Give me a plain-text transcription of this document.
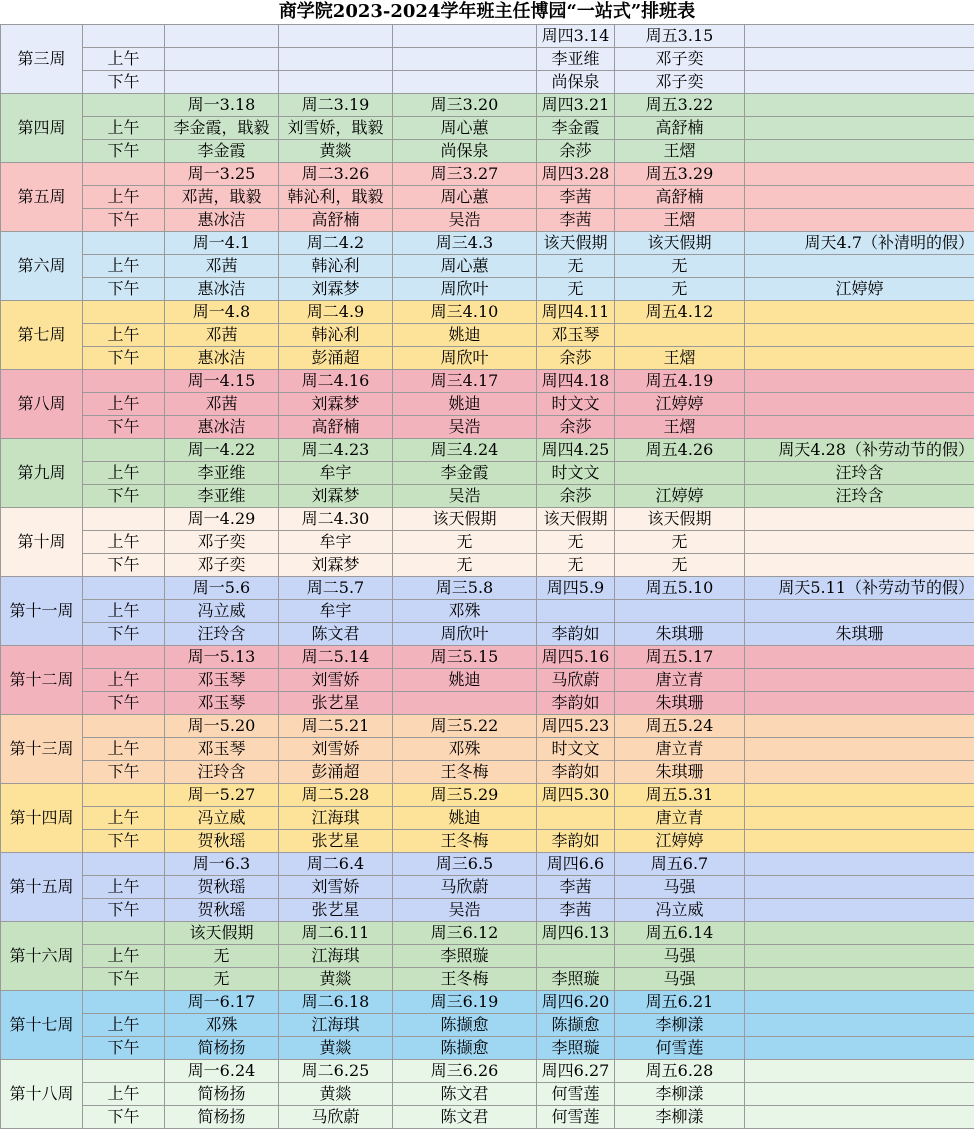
商学院2023-2024学年班主任博园“一站式”排班表
第三周					周四3.14	周五3.15	
	上午				李亚维	邓子奕	
	下午				尚保泉	邓子奕	
第四周		周一3.18	周二3.19	周三3.20	周四3.21	周五3.22	
	上午	李金霞，戢毅	刘雪娇，戢毅	周心蕙	李金霞	高舒楠	
	下午	李金霞	黄燚	尚保泉	余莎	王熠	
第五周		周一3.25	周二3.26	周三3.27	周四3.28	周五3.29	
	上午	邓茜，戢毅	韩沁利，戢毅	周心蕙	李茜	高舒楠	
	下午	惠冰洁	高舒楠	吴浩	李茜	王熠	
第六周		周一4.1	周二4.2	周三4.3	该天假期	该天假期	周天4.7（补清明的假）
	上午	邓茜	韩沁利	周心蕙	无	无	
	下午	惠冰洁	刘霖梦	周欣叶	无	无	江婷婷
第七周		周一4.8	周二4.9	周三4.10	周四4.11	周五4.12	
	上午	邓茜	韩沁利	姚迪	邓玉琴		
	下午	惠冰洁	彭涌超	周欣叶	余莎	王熠	
第八周		周一4.15	周二4.16	周三4.17	周四4.18	周五4.19	
	上午	邓茜	刘霖梦	姚迪	时文文	江婷婷	
	下午	惠冰洁	高舒楠	吴浩	余莎	王熠	
第九周		周一4.22	周二4.23	周三4.24	周四4.25	周五4.26	周天4.28（补劳动节的假）
	上午	李亚维	牟宇	李金霞	时文文		汪玲含
	下午	李亚维	刘霖梦	吴浩	余莎	江婷婷	汪玲含
第十周		周一4.29	周二4.30	该天假期	该天假期	该天假期	
	上午	邓子奕	牟宇	无	无	无	
	下午	邓子奕	刘霖梦	无	无	无	
第十一周		周一5.6	周二5.7	周三5.8	周四5.9	周五5.10	周天5.11（补劳动节的假）
	上午	冯立威	牟宇	邓殊			
	下午	汪玲含	陈文君	周欣叶	李韵如	朱琪珊	朱琪珊
第十二周		周一5.13	周二5.14	周三5.15	周四5.16	周五5.17	
	上午	邓玉琴	刘雪娇	姚迪	马欣蔚	唐立青	
	下午	邓玉琴	张艺星		李韵如	朱琪珊	
第十三周		周一5.20	周二5.21	周三5.22	周四5.23	周五5.24	
	上午	邓玉琴	刘雪娇	邓殊	时文文	唐立青	
	下午	汪玲含	彭涌超	王冬梅	李韵如	朱琪珊	
第十四周		周一5.27	周二5.28	周三5.29	周四5.30	周五5.31	
	上午	冯立威	江海琪	姚迪		唐立青	
	下午	贺秋瑶	张艺星	王冬梅	李韵如	江婷婷	
第十五周		周一6.3	周二6.4	周三6.5	周四6.6	周五6.7	
	上午	贺秋瑶	刘雪娇	马欣蔚	李茜	马强	
	下午	贺秋瑶	张艺星	吴浩	李茜	冯立威	
第十六周		该天假期	周二6.11	周三6.12	周四6.13	周五6.14	
	上午	无	江海琪	李照璇		马强	
	下午	无	黄燚	王冬梅	李照璇	马强	
第十七周		周一6.17	周二6.18	周三6.19	周四6.20	周五6.21	
	上午	邓殊	江海琪	陈撷愈	陈撷愈	李柳漾	
	下午	简杨扬	黄燚	陈撷愈	李照璇	何雪莲	
第十八周		周一6.24	周二6.25	周三6.26	周四6.27	周五6.28	
	上午	简杨扬	黄燚	陈文君	何雪莲	李柳漾	
	下午	简杨扬	马欣蔚	陈文君	何雪莲	李柳漾	
